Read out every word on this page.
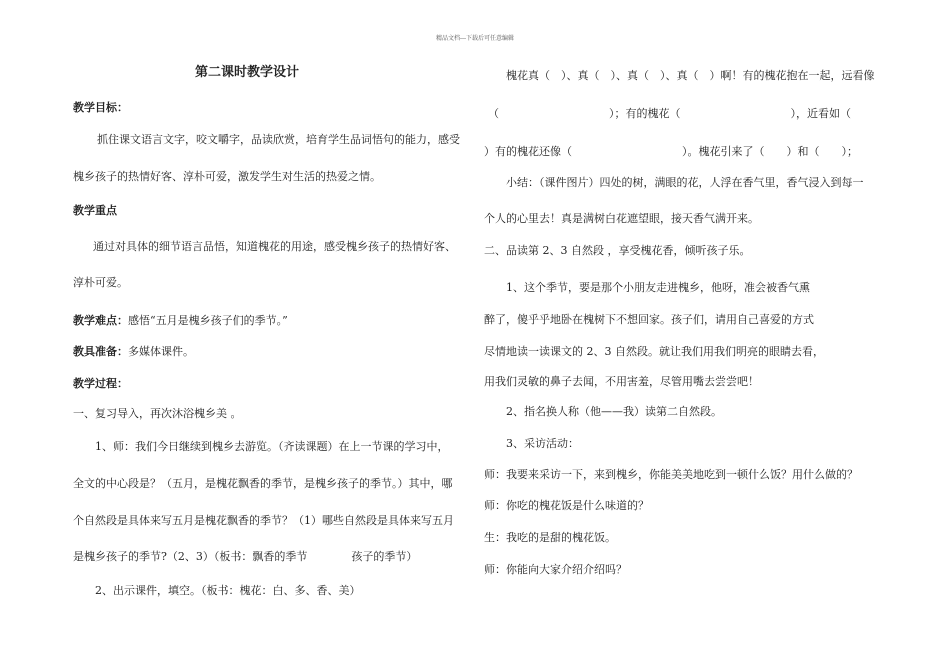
精品文档---下载后可任意编辑
第二课时教学设计
教学目标：
抓住课文语言文字，咬文嚼字，品读欣赏，培育学生品词悟句的能力，感受
槐乡孩子的热情好客、淳朴可爱，激发学生对生活的热爱之情。
教学重点
通过对具体的细节语言品悟，知道槐花的用途，感受槐乡孩子的热情好客、
淳朴可爱。
教学难点：感悟“五月是槐乡孩子们的季节。”
教具准备：多媒体课件。
教学过程：
一、复习导入，再次沐浴槐乡美 。
1、师：我们今日继续到槐乡去游览。（齐读课题）在上一节课的学习中，
全文的中心段是？（五月，是槐花飘香的季节，是槐乡孩子的季节。）其中，哪
个自然段是具体来写五月是槐花飘香的季节？（1）哪些自然段是具体来写五月
是槐乡孩子的季节?（2、3）（板书：飘香的季节　　　　孩子的季节）
2、出示课件，填空。（板书：槐花：白、多、香、美）
槐花真（　）、真（　）、真（　）、真（　）啊！有的槐花抱在一起，远看像
（　　　　　　　　　　）；有的槐花（　　　　　　　　　　），近看如（
）有的槐花还像（　　　　　　　　　　）。槐花引来了（　　）和（　　）；
小结：（课件图片）四处的树，满眼的花，人浮在香气里，香气浸入到每一
个人的心里去！真是满树白花遮望眼，接天香气满开来。
二、品读第 2、3 自然段 ，享受槐花香，倾听孩子乐。
1、这个季节，要是那个小朋友走进槐乡，他呀，准会被香气熏
醉了，傻乎乎地卧在槐树下不想回家。孩子们，请用自己喜爱的方式
尽情地读一读课文的 2、3 自然段。就让我们用我们明亮的眼睛去看，
用我们灵敏的鼻子去闻，不用害羞，尽管用嘴去尝尝吧！
2、指名换人称（他——我）读第二自然段。
3、采访活动：
师：我要来采访一下，来到槐乡，你能美美地吃到一顿什么饭？用什么做的？
师：你吃的槐花饭是什么味道的？
生：我吃的是甜的槐花饭。
师：你能向大家介绍介绍吗？
